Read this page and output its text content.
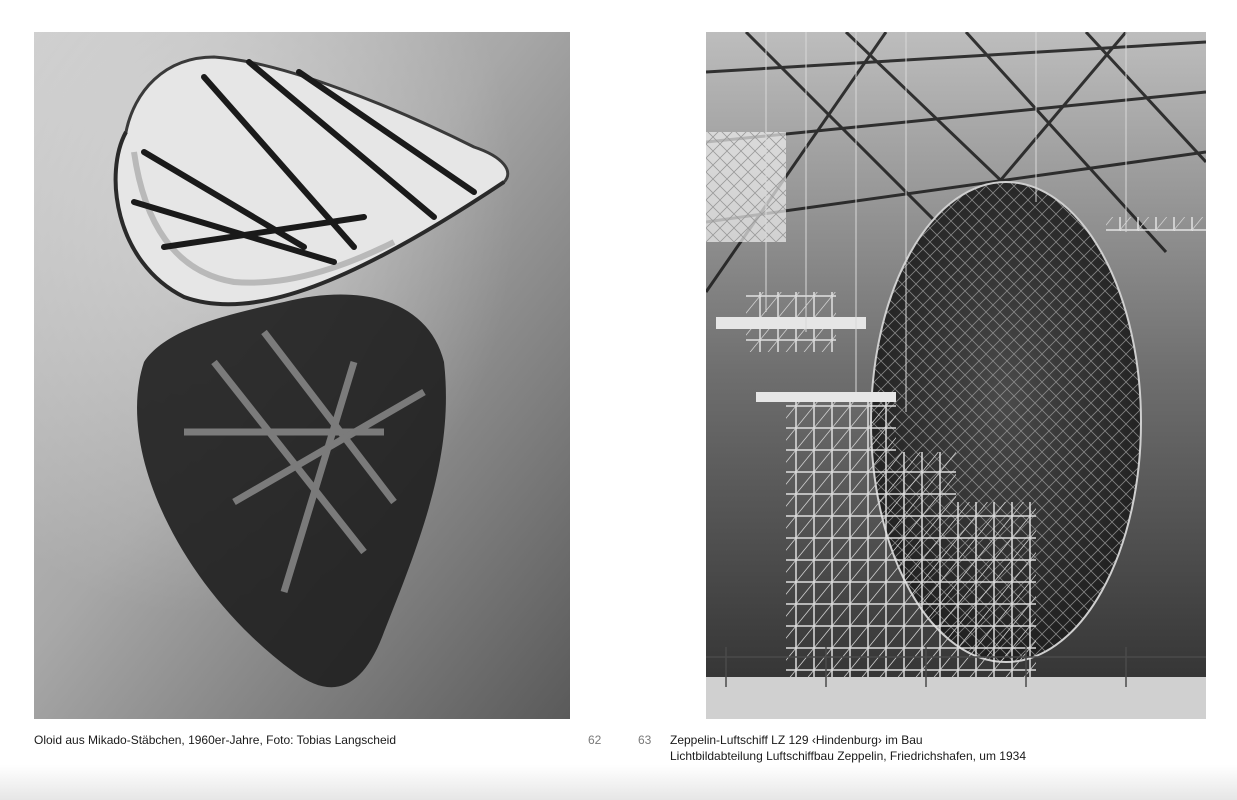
Oloid aus Mikado-Stäbchen, 1960er-Jahre, Foto: Tobias Langscheid	62	63 Zeppelin-Luftschiff LZ 129 ‹Hindenburg› im Bau
Lichtbildabteilung Luftschiffbau Zeppelin, Friedrichshafen, um 1934
